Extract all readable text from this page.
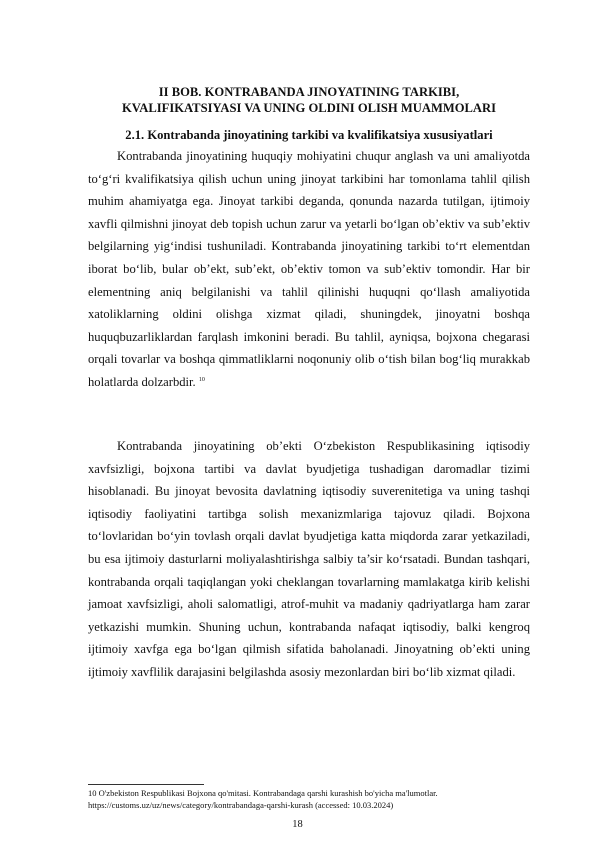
II BOB. KONTRABANDA JINOYATINING TARKIBI,
KVALIFIKATSIYASI VA UNING OLDINI OLISH MUAMMOLARI
2.1. Kontrabanda jinoyatining tarkibi va kvalifikatsiya xususiyatlari

Kontrabanda jinoyatining huquqiy mohiyatini chuqur anglash va uni amaliyotda to‘g‘ri kvalifikatsiya qilish uchun uning jinoyat tarkibini har tomonlama tahlil qilish muhim ahamiyatga ega. Jinoyat tarkibi deganda, qonunda nazarda tutilgan, ijtimoiy xavfli qilmishni jinoyat deb topish uchun zarur va yetarli bo‘lgan ob’ektiv va sub’ektiv belgilarning yig‘indisi tushuniladi. Kontrabanda jinoyatining tarkibi to‘rt elementdan iborat bo‘lib, bular ob’ekt, sub’ekt, ob’ektiv tomon va sub’ektiv tomondir. Har bir elementning aniq belgilanishi va tahlil qilinishi huquqni qo‘llash amaliyotida xatoliklarning oldini olishga xizmat qiladi, shuningdek, jinoyatni boshqa huquqbuzarliklardan farqlash imkonini beradi. Bu tahlil, ayniqsa, bojxona chegarasi orqali tovarlar va boshqa qimmatliklarni noqonuniy olib o‘tish bilan bog‘liq murakkab holatlarda dolzarbdir. $^{10}$

Kontrabanda jinoyatining ob’ekti O‘zbekiston Respublikasining iqtisodiy xavfsizligi, bojxona tartibi va davlat byudjetiga tushadigan daromadlar tizimi hisoblanadi. Bu jinoyat bevosita davlatning iqtisodiy suverenitetiga va uning tashqi iqtisodiy faoliyatini tartibga solish mexanizmlariga tajovuz qiladi. Bojxona to‘lovlaridan bo‘yin tovlash orqali davlat byudjetiga katta miqdorda zarar yetkaziladi, bu esa ijtimoiy dasturlarni moliyalashtirishga salbiy ta’sir ko‘rsatadi. Bundan tashqari, kontrabanda orqali taqiqlangan yoki cheklangan tovarlarning mamlakatga kirib kelishi jamoat xavfsizligi, aholi salomatligi, atrof-muhit va madaniy qadriyatlarga ham zarar yetkazishi mumkin. Shuning uchun, kontrabanda nafaqat iqtisodiy, balki kengroq ijtimoiy xavfga ega bo‘lgan qilmish sifatida baholanadi. Jinoyatning ob’ekti uning ijtimoiy xavflilik darajasini belgilashda asosiy mezonlardan biri bo‘lib xizmat qiladi.

10 O'zbekiston Respublikasi Bojxona qo'mitasi. Kontrabandaga qarshi kurashish bo'yicha ma'lumotlar.
https://customs.uz/uz/news/category/kontrabandaga-qarshi-kurash (accessed: 10.03.2024)
18
